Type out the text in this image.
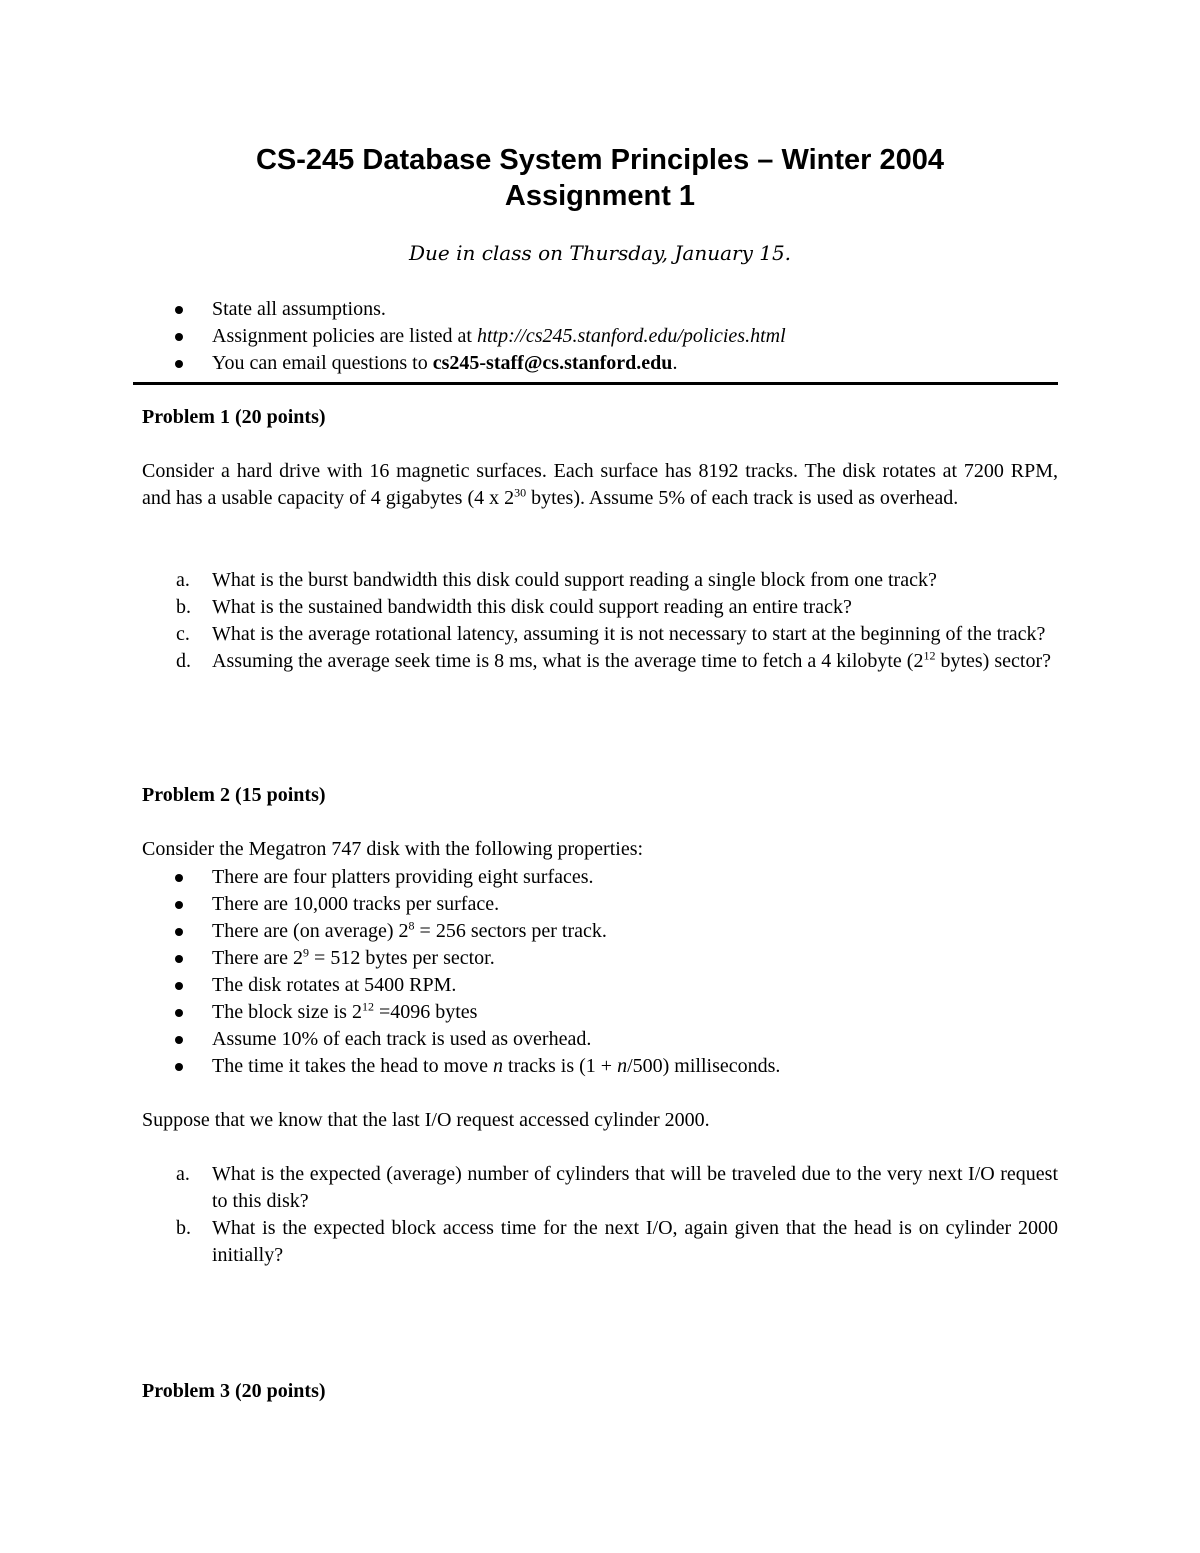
CS-245 Database System Principles – Winter 2004
Assignment 1
Due in class on Thursday, January 15.
State all assumptions.
Assignment policies are listed at http://cs245.stanford.edu/policies.html
You can email questions to cs245-staff@cs.stanford.edu.
Problem 1 (20 points)
Consider a hard drive with 16 magnetic surfaces. Each surface has 8192 tracks. The disk rotates at 7200 RPM, and has a usable capacity of 4 gigabytes (4 x $2^{30}$ bytes). Assume 5% of each track is used as overhead.
a. What is the burst bandwidth this disk could support reading a single block from one track?
b. What is the sustained bandwidth this disk could support reading an entire track?
c. What is the average rotational latency, assuming it is not necessary to start at the beginning of the track?
d. Assuming the average seek time is 8 ms, what is the average time to fetch a 4 kilobyte ($2^{12}$ bytes) sector?
Problem 2 (15 points)
Consider the Megatron 747 disk with the following properties:
There are four platters providing eight surfaces.
There are 10,000 tracks per surface.
There are (on average) $2^8 = 256$ sectors per track.
There are $2^9 = 512$ bytes per sector.
The disk rotates at 5400 RPM.
The block size is $2^{12} =4096$ bytes
Assume 10% of each track is used as overhead.
The time it takes the head to move n tracks is (1 + n/500) milliseconds.
Suppose that we know that the last I/O request accessed cylinder 2000.
a. What is the expected (average) number of cylinders that will be traveled due to the very next I/O request to this disk?
b. What is the expected block access time for the next I/O, again given that the head is on cylinder 2000 initially?
Problem 3 (20 points)
